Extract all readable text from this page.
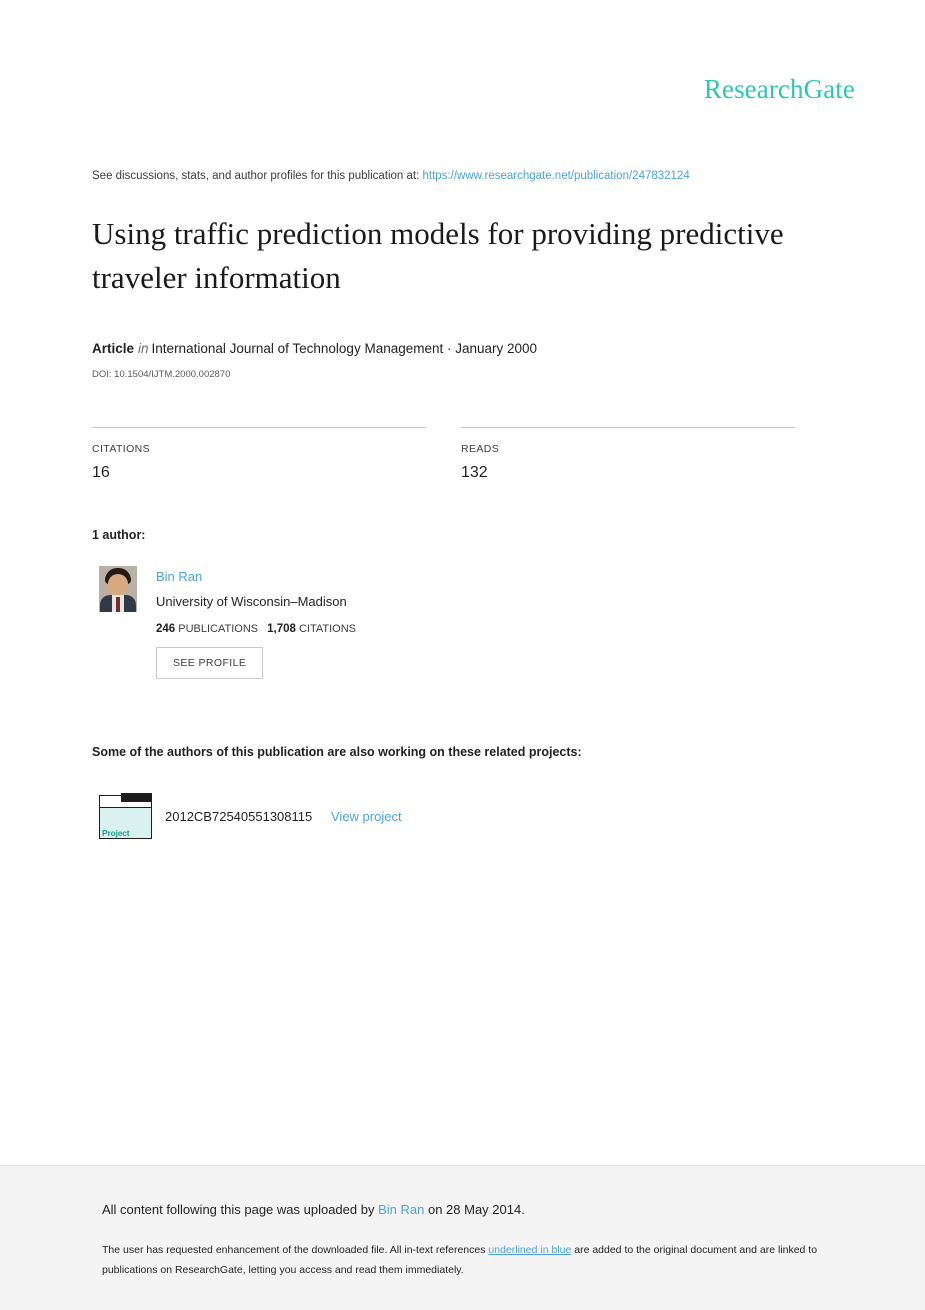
ResearchGate
See discussions, stats, and author profiles for this publication at: https://www.researchgate.net/publication/247832124
Using traffic prediction models for providing predictive traveler information
Article in International Journal of Technology Management · January 2000
DOI: 10.1504/IJTM.2000.002870
CITATIONS
16
READS
132
1 author:
Bin Ran
University of Wisconsin–Madison
246 PUBLICATIONS 1,708 CITATIONS
SEE PROFILE
Some of the authors of this publication are also working on these related projects:
Project
2012CB72540551308115 View project
All content following this page was uploaded by Bin Ran on 28 May 2014.
The user has requested enhancement of the downloaded file. All in-text references underlined in blue are added to the original document and are linked to publications on ResearchGate, letting you access and read them immediately.
